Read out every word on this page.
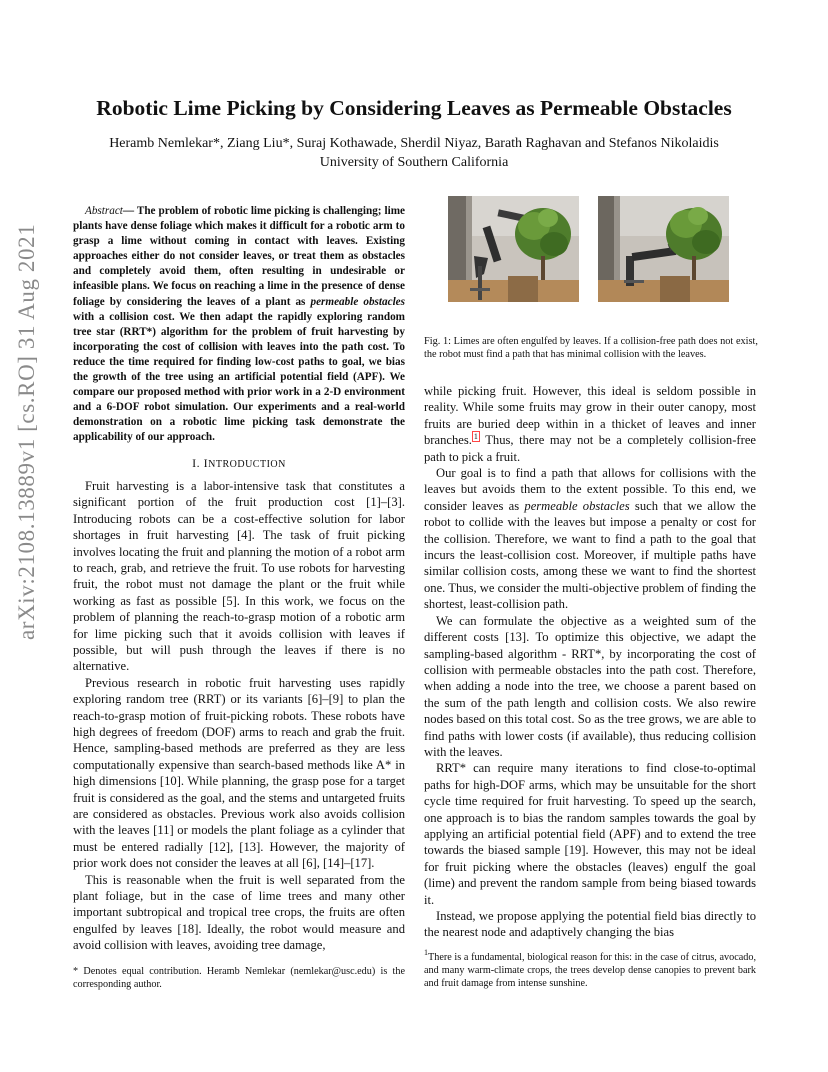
arXiv:2108.13889v1 [cs.RO] 31 Aug 2021
Robotic Lime Picking by Considering Leaves as Permeable Obstacles
Heramb Nemlekar*, Ziang Liu*, Suraj Kothawade, Sherdil Niyaz, Barath Raghavan and Stefanos Nikolaidis
University of Southern California

Abstract— The problem of robotic lime picking is challenging; lime plants have dense foliage which makes it difficult for a robotic arm to grasp a lime without coming in contact with leaves. Existing approaches either do not consider leaves, or treat them as obstacles and completely avoid them, often resulting in undesirable or infeasible plans. We focus on reaching a lime in the presence of dense foliage by considering the leaves of a plant as permeable obstacles with a collision cost. We then adapt the rapidly exploring random tree star (RRT*) algorithm for the problem of fruit harvesting by incorporating the cost of collision with leaves into the path cost. To reduce the time required for finding low-cost paths to goal, we bias the growth of the tree using an artificial potential field (APF). We compare our proposed method with prior work in a 2-D environment and a 6-DOF robot simulation. Our experiments and a real-world demonstration on a robotic lime picking task demonstrate the applicability of our approach.

I. INTRODUCTION

Fruit harvesting is a labor-intensive task that constitutes a significant portion of the fruit production cost [1]–[3]. Introducing robots can be a cost-effective solution for labor shortages in fruit harvesting [4]. The task of fruit picking involves locating the fruit and planning the motion of a robot arm to reach, grab, and retrieve the fruit. To use robots for harvesting fruit, the robot must not damage the plant or the fruit while working as fast as possible [5]. In this work, we focus on the problem of planning the reach-to-grasp motion of a robotic arm for lime picking such that it avoids collision with leaves if possible, but will push through the leaves if there is no alternative.

Previous research in robotic fruit harvesting uses rapidly exploring random tree (RRT) or its variants [6]–[9] to plan the reach-to-grasp motion of fruit-picking robots. These robots have high degrees of freedom (DOF) arms to reach and grab the fruit. Hence, sampling-based methods are preferred as they are less computationally expensive than search-based methods like A* in high dimensions [10]. While planning, the grasp pose for a target fruit is considered as the goal, and the stems and untargeted fruits are considered as obstacles. Previous work also avoids collision with the leaves [11] or models the plant foliage as a cylinder that must be entered radially [12], [13]. However, the majority of prior work does not consider the leaves at all [6], [14]–[17].

This is reasonable when the fruit is well separated from the plant foliage, but in the case of lime trees and many other important subtropical and tropical tree crops, the fruits are often engulfed by leaves [18]. Ideally, the robot would measure and avoid collision with leaves, avoiding tree damage,

* Denotes equal contribution. Heramb Nemlekar (nemlekar@usc.edu) is the corresponding author.
Fig. 1: Limes are often engulfed by leaves. If a collision-free path does not exist, the robot must find a path that has minimal collision with the leaves.

while picking fruit. However, this ideal is seldom possible in reality. While some fruits may grow in their outer canopy, most fruits are buried deep within in a thicket of leaves and inner branches. $^1$ Thus, there may not be a completely collision-free path to pick a fruit.

Our goal is to find a path that allows for collisions with the leaves but avoids them to the extent possible. To this end, we consider leaves as permeable obstacles such that we allow the robot to collide with the leaves but impose a penalty or cost for the collision. Therefore, we want to find a path to the goal that incurs the least-collision cost. Moreover, if multiple paths have similar collision costs, among these we want to find the shortest one. Thus, we consider the multi-objective problem of finding the shortest, least-collision path.

We can formulate the objective as a weighted sum of the different costs [13]. To optimize this objective, we adapt the sampling-based algorithm - RRT*, by incorporating the cost of collision with permeable obstacles into the path cost. Therefore, when adding a node into the tree, we choose a parent based on the sum of the path length and collision costs. We also rewire nodes based on this total cost. So as the tree grows, we are able to find paths with lower costs (if available), thus reducing collision with the leaves.

RRT* can require many iterations to find close-to-optimal paths for high-DOF arms, which may be unsuitable for the short cycle time required for fruit harvesting. To speed up the search, one approach is to bias the random samples towards the goal by applying an artificial potential field (APF) and to extend the tree towards the biased sample [19]. However, this may not be ideal for fruit picking where the obstacles (leaves) engulf the goal (lime) and prevent the random sample from being biased towards it.

Instead, we propose applying the potential field bias directly to the nearest node and adaptively changing the bias

$^1$There is a fundamental, biological reason for this: in the case of citrus, avocado, and many warm-climate crops, the trees develop dense canopies to prevent bark and fruit damage from intense sunshine.
